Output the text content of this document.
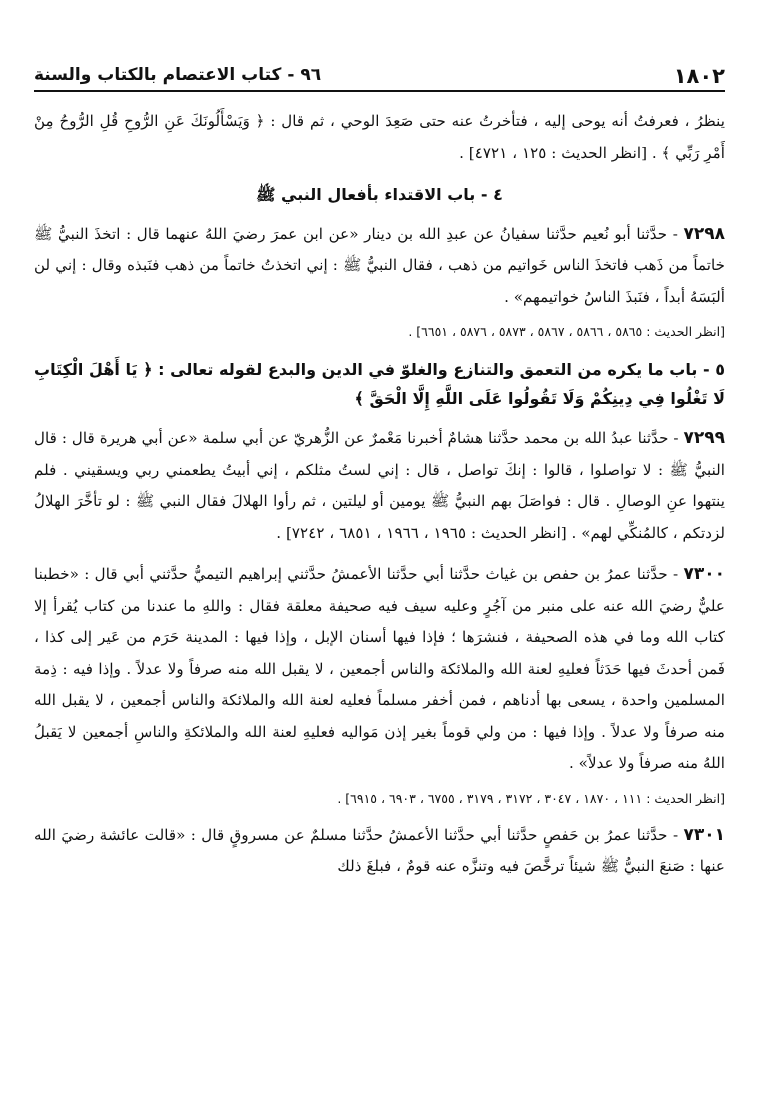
١٨٠٢
٩٦ - كتاب الاعتصام بالكتاب والسنة

ينظرُ ، فعرفتُ أنه يوحى إليه ، فتأخرتُ عنه حتى صَعِدَ الوحي ، ثم قال : ﴿ وَيَسْأَلُونَكَ عَنِ الرُّوحِ قُلِ الرُّوحُ مِنْ أَمْرِ رَبِّي ﴾ . [انظر الحديث : ١٢٥ ، ٤٧٢١] .

٤ - باب الاقتداء بأفعال النبي ﷺ

٧٢٩٨ - حدَّثنا أبو نُعيم حدَّثنا سفيانُ عن عبدِ الله بن دينار «عن ابن عمرَ رضيَ اللهُ عنهما قال : اتخذَ النبيُّ ﷺ خاتماً من ذَهب فاتخذَ الناس خَواتيم من ذهب ، فقال النبيُّ ﷺ : إني اتخذتُ خاتماً من ذهب فنَبذه وقال : إني لن ألبَسَهُ أبداً ، فنَبذَ الناسُ خواتيمهم» .

[انظر الحديث : ٥٨٦٥ ، ٥٨٦٦ ، ٥٨٦٧ ، ٥٨٧٣ ، ٥٨٧٦ ، ٦٦٥١] .
٥ - باب ما يكره من التعمق والتنازع والغلوّ في الدين والبدع لقوله تعالى : ﴿ يَا أَهْلَ الْكِتَابِ لَا تَغْلُوا فِي دِينِكُمْ وَلَا تَقُولُوا عَلَى اللَّهِ إِلَّا الْحَقَّ ﴾

٧٢٩٩ - حدَّثنا عبدُ الله بن محمد حدَّثنا هشامٌ أخبرنا مَعْمرٌ عن الزُّهريّ عن أبي سلمة «عن أبي هريرة قال : قال النبيُّ ﷺ : لا تواصلوا ، قالوا : إنكَ تواصل ، قال : إني لستُ مثلكم ، إني أبيتُ يطعمني ربي ويسقيني . فلم ينتهوا عنِ الوصالِ . قال : فواصَلَ بهم النبيُّ ﷺ يومين أو ليلتين ، ثم رأوا الهلالَ فقال النبي ﷺ : لو تأخَّرَ الهلالُ لزدتكم ، كالمُنكِّي لهم» . [انظر الحديث : ١٩٦٥ ، ١٩٦٦ ، ٦٨٥١ ، ٧٢٤٢] .

٧٣٠٠ - حدَّثنا عمرُ بن حفص بن غياث حدَّثنا أبي حدَّثنا الأعمشُ حدَّثني إبراهيم التيميُّ حدَّثني أبي قال : «خطبنا عليٌّ رضيَ الله عنه على منبر من آجُرٍ وعليه سيف فيه صحيفة معلقة فقال : واللهِ ما عندنا من كتاب يُقرأ إلا كتاب الله وما في هذه الصحيفة ، فنشرَها ؛ فإذا فيها أسنان الإبل ، وإذا فيها : المدينة حَرَم من عَير إلى كذا ، فَمن أحدثَ فيها حَدَثاً فعليهِ لعنة الله والملائكة والناس أجمعين ، لا يقبل الله منه صرفاً ولا عدلاً . وإذا فيه : ذِمة المسلمين واحدة ، يسعى بها أدناهم ، فمن أخفر مسلماً فعليه لعنة الله والملائكة والناس أجمعين ، لا يقبل الله منه صرفاً ولا عدلاً . وإذا فيها : من ولي قوماً بغير إذن مَواليه فعليهِ لعنة الله والملائكةِ والناسِ أجمعين لا يَقبلُ اللهُ منه صرفاً ولا عدلاً» .

[انظر الحديث : ١١١ ، ١٨٧٠ ، ٣٠٤٧ ، ٣١٧٢ ، ٣١٧٩ ، ٦٧٥٥ ، ٦٩٠٣ ، ٦٩١٥] .

٧٣٠١ - حدَّثنا عمرُ بن حَفصٍ حدَّثنا أبي حدَّثنا الأعمشُ حدَّثنا مسلمٌ عن مسروقٍ قال : «قالت عائشة رضيَ الله عنها : صَنعَ النبيُّ ﷺ شيئاً ترخَّصَ فيه وتنزَّه عنه قومٌ ، فبلغَ ذلك
